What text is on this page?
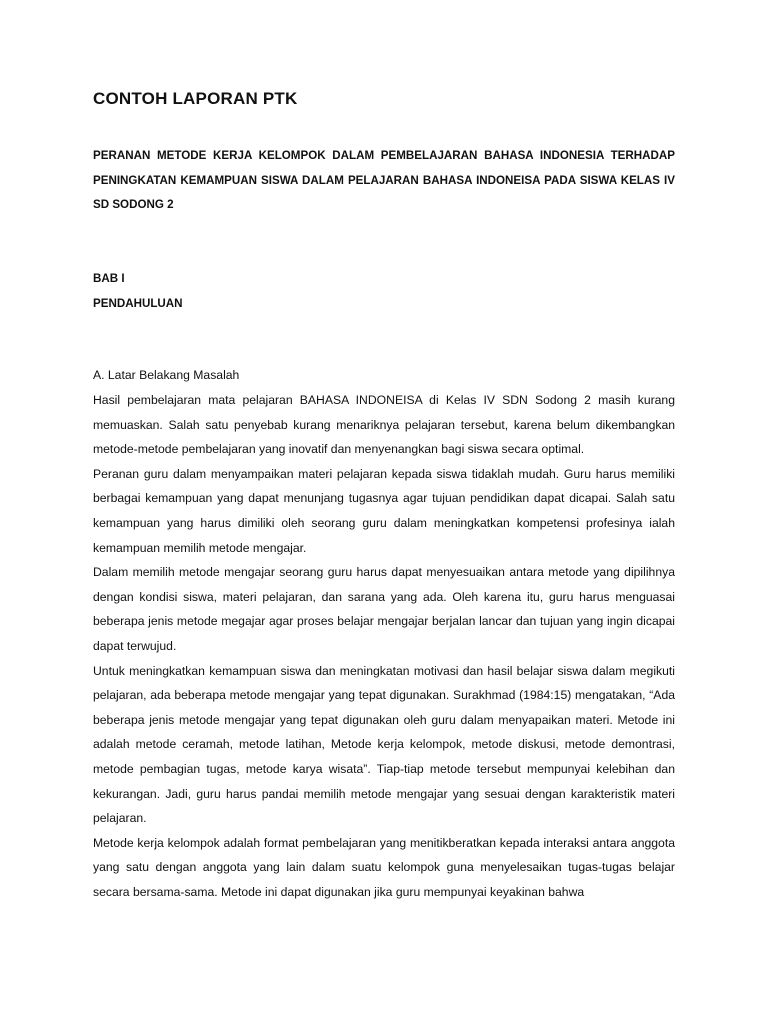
CONTOH LAPORAN PTK
PERANAN METODE KERJA KELOMPOK DALAM PEMBELAJARAN BAHASA INDONESIA TERHADAP PENINGKATAN KEMAMPUAN SISWA DALAM PELAJARAN BAHASA INDONEISA PADA SISWA KELAS IV SD SODONG 2
BAB I
PENDAHULUAN
A. Latar Belakang Masalah

Hasil pembelajaran mata pelajaran BAHASA INDONEISA di Kelas IV SDN Sodong 2 masih kurang memuaskan. Salah satu penyebab kurang menariknya pelajaran tersebut, karena belum dikembangkan metode-metode pembelajaran yang inovatif dan menyenangkan bagi siswa secara optimal.

Peranan guru dalam menyampaikan materi pelajaran kepada siswa tidaklah mudah. Guru harus memiliki berbagai kemampuan yang dapat menunjang tugasnya agar tujuan pendidikan dapat dicapai. Salah satu kemampuan yang harus dimiliki oleh seorang guru dalam meningkatkan kompetensi profesinya ialah kemampuan memilih metode mengajar.

Dalam memilih metode mengajar seorang guru harus dapat menyesuaikan antara metode yang dipilihnya dengan kondisi siswa, materi pelajaran, dan sarana yang ada. Oleh karena itu, guru harus menguasai beberapa jenis metode megajar agar proses belajar mengajar berjalan lancar dan tujuan yang ingin dicapai dapat terwujud.

Untuk meningkatkan kemampuan siswa dan meningkatan motivasi dan hasil belajar siswa dalam megikuti pelajaran, ada beberapa metode mengajar yang tepat digunakan. Surakhmad (1984:15) mengatakan, “Ada beberapa jenis metode mengajar yang tepat digunakan oleh guru dalam menyapaikan materi. Metode ini adalah metode ceramah, metode latihan, Metode kerja kelompok, metode diskusi, metode demontrasi, metode pembagian tugas, metode karya wisata”. Tiap-tiap metode tersebut mempunyai kelebihan dan kekurangan. Jadi, guru harus pandai memilih metode mengajar yang sesuai dengan karakteristik materi pelajaran.

Metode kerja kelompok adalah format pembelajaran yang menitikberatkan kepada interaksi antara anggota yang satu dengan anggota yang lain dalam suatu kelompok guna menyelesaikan tugas-tugas belajar secara bersama-sama. Metode ini dapat digunakan jika guru mempunyai keyakinan bahwa
